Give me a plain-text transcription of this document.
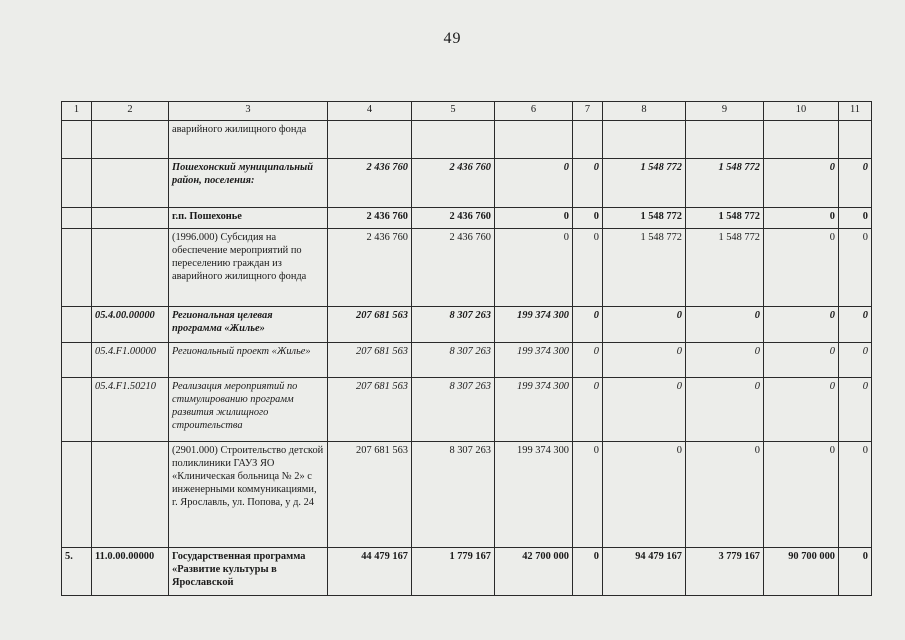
49
1	2	3	4	5	6	7	8	9	10	11
		аварийного жилищного фонда								
		Пошехонский муниципальный район, поселения:	2 436 760	2 436 760	0	0	1 548 772	1 548 772	0	0
		г.п. Пошехонье	2 436 760	2 436 760	0	0	1 548 772	1 548 772	0	0
		(1996.000) Субсидия на обеспечение мероприятий по переселению граждан из аварийного жилищного фонда	2 436 760	2 436 760	0	0	1 548 772	1 548 772	0	0
	05.4.00.00000	Региональная целевая программа «Жилье»	207 681 563	8 307 263	199 374 300	0	0	0	0	0
	05.4.F1.00000	Региональный проект «Жилье»	207 681 563	8 307 263	199 374 300	0	0	0	0	0
	05.4.F1.50210	Реализация мероприятий по стимулированию программ развития жилищного строительства	207 681 563	8 307 263	199 374 300	0	0	0	0	0
		(2901.000) Строительство детской поликлиники ГАУЗ ЯО «Клиническая больница № 2» с инженерными коммуникациями, г. Ярославль, ул. Попова, у д. 24	207 681 563	8 307 263	199 374 300	0	0	0	0	0
5.	11.0.00.00000	Государственная программа «Развитие культуры в Ярославской	44 479 167	1 779 167	42 700 000	0	94 479 167	3 779 167	90 700 000	0
